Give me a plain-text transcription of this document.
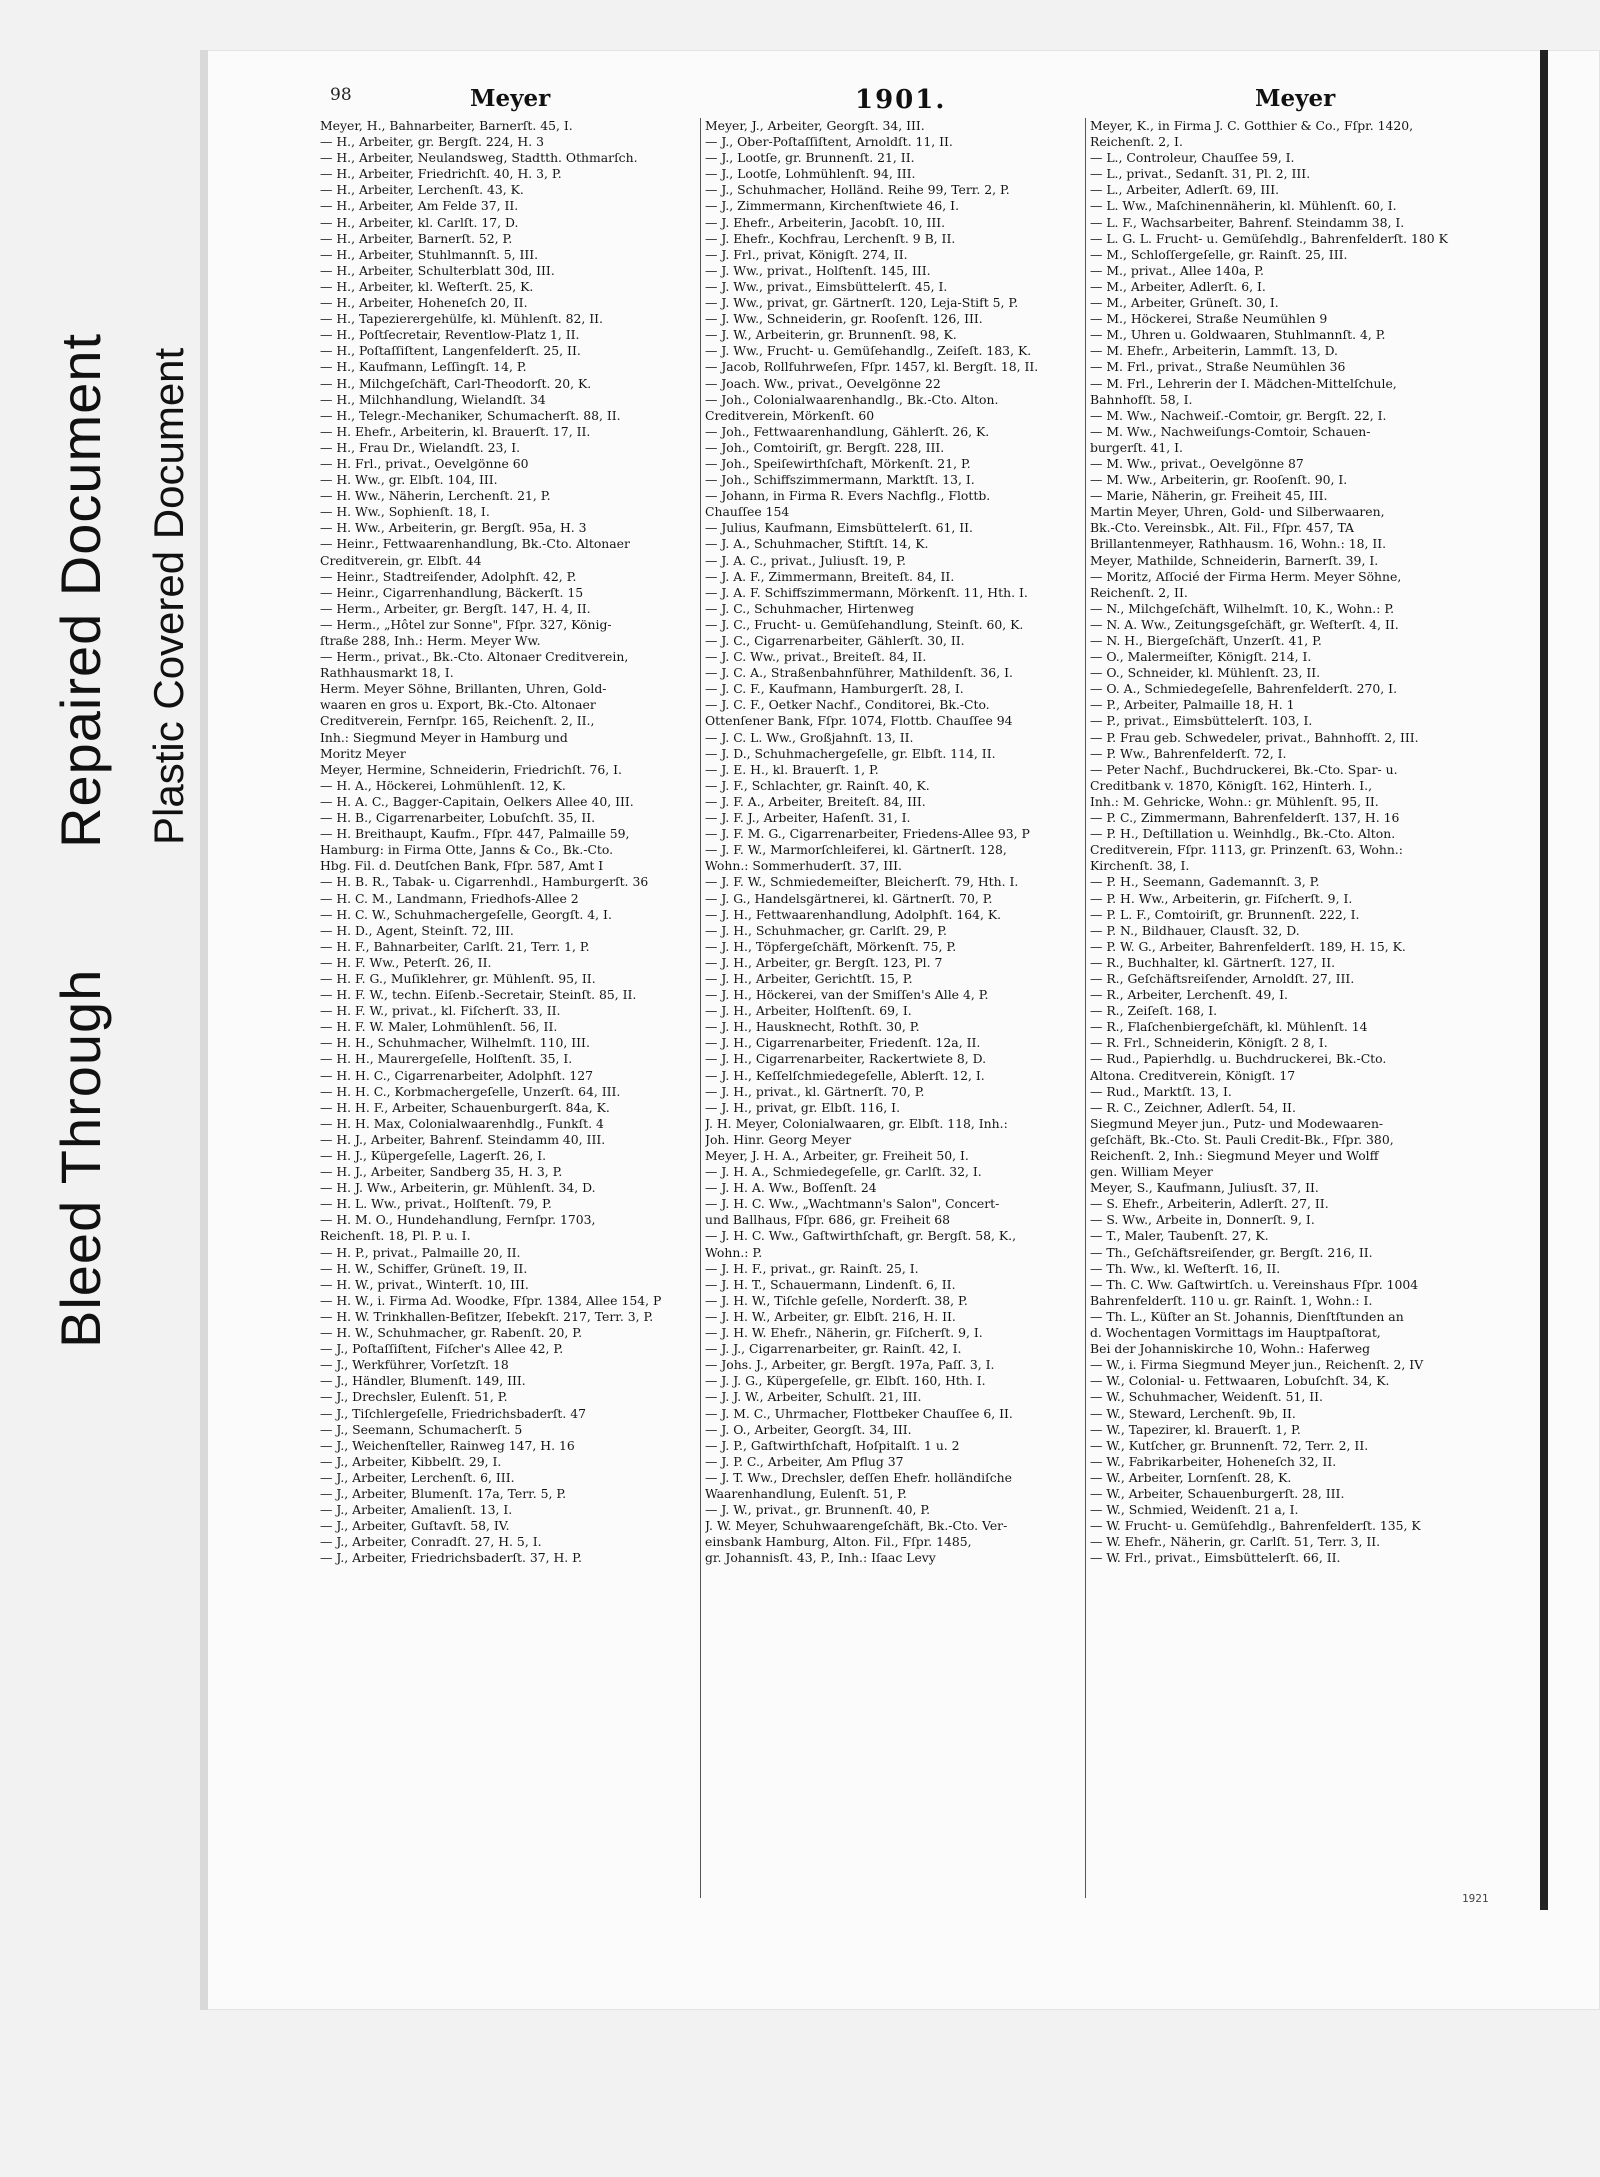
Repaired Document
Bleed Through
Plastic Covered Document
98	Meyer	1901.	Meyer
Meyer, H., Bahnarbeiter, Barnerſt. 45, I.
— H., Arbeiter, gr. Bergſt. 224, H. 3
— H., Arbeiter, Neulandsweg, Stadtth. Othmarſch.
— H., Arbeiter, Friedrichſt. 40, H. 3, P.
— H., Arbeiter, Lerchenſt. 43, K.
— H., Arbeiter, Am Felde 37, II.
— H., Arbeiter, kl. Carlſt. 17, D.
— H., Arbeiter, Barnerſt. 52, P.
— H., Arbeiter, Stuhlmannſt. 5, III.
— H., Arbeiter, Schulterblatt 30d, III.
— H., Arbeiter, kl. Weſterſt. 25, K.
— H., Arbeiter, Hoheneſch 20, II.
— H., Tapezierergehülfe, kl. Mühlenſt. 82, II.
— H., Poſtſecretair, Reventlow-Platz 1, II.
— H., Poſtaſſiſtent, Langenfelderſt. 25, II.
— H., Kaufmann, Leſſingſt. 14, P.
— H., Milchgeſchäft, Carl-Theodorſt. 20, K.
— H., Milchhandlung, Wielandſt. 34
— H., Telegr.-Mechaniker, Schumacherſt. 88, II.
— H. Ehefr., Arbeiterin, kl. Brauerſt. 17, II.
— H., Frau Dr., Wielandſt. 23, I.
— H. Frl., privat., Oevelgönne 60
— H. Ww., gr. Elbſt. 104, III.
— H. Ww., Näherin, Lerchenſt. 21, P.
— H. Ww., Sophienſt. 18, I.
— H. Ww., Arbeiterin, gr. Bergſt. 95a, H. 3
— Heinr., Fettwaarenhandlung, Bk.-Cto. Altonaer
Creditverein, gr. Elbſt. 44
— Heinr., Stadtreiſender, Adolphſt. 42, P.
— Heinr., Cigarrenhandlung, Bäckerſt. 15
— Herm., Arbeiter, gr. Bergſt. 147, H. 4, II.
— Herm., „Hôtel zur Sonne", Fſpr. 327, König-
ſtraße 288, Inh.: Herm. Meyer Ww.
— Herm., privat., Bk.-Cto. Altonaer Creditverein,
Rathhausmarkt 18, I.
Herm. Meyer Söhne, Brillanten, Uhren, Gold-
waaren en gros u. Export, Bk.-Cto. Altonaer
Creditverein, Fernſpr. 165, Reichenſt. 2, II.,
Inh.: Siegmund Meyer in Hamburg und
Moritz Meyer
Meyer, Hermine, Schneiderin, Friedrichſt. 76, I.
— H. A., Höckerei, Lohmühlenſt. 12, K.
— H. A. C., Bagger-Capitain, Oelkers Allee 40, III.
— H. B., Cigarrenarbeiter, Lobuſchſt. 35, II.
— H. Breithaupt, Kaufm., Fſpr. 447, Palmaille 59,
Hamburg: in Firma Otte, Janns & Co., Bk.-Cto.
Hbg. Fil. d. Deutſchen Bank, Fſpr. 587, Amt I
— H. B. R., Tabak- u. Cigarrenhdl., Hamburgerſt. 36
— H. C. M., Landmann, Friedhofs-Allee 2
— H. C. W., Schuhmachergeſelle, Georgſt. 4, I.
— H. D., Agent, Steinſt. 72, III.
— H. F., Bahnarbeiter, Carlſt. 21, Terr. 1, P.
— H. F. Ww., Peterſt. 26, II.
— H. F. G., Muſiklehrer, gr. Mühlenſt. 95, II.
— H. F. W., techn. Eiſenb.-Secretair, Steinſt. 85, II.
— H. F. W., privat., kl. Fiſcherſt. 33, II.
— H. F. W. Maler, Lohmühlenſt. 56, II.
— H. H., Schuhmacher, Wilhelmſt. 110, III.
— H. H., Maurergeſelle, Holſtenſt. 35, I.
— H. H. C., Cigarrenarbeiter, Adolphſt. 127
— H. H. C., Korbmachergeſelle, Unzerſt. 64, III.
— H. H. F., Arbeiter, Schauenburgerſt. 84a, K.
— H. H. Max, Colonialwaarenhdlg., Funkſt. 4
— H. J., Arbeiter, Bahrenf. Steindamm 40, III.
— H. J., Küpergeſelle, Lagerſt. 26, I.
— H. J., Arbeiter, Sandberg 35, H. 3, P.
— H. J. Ww., Arbeiterin, gr. Mühlenſt. 34, D.
— H. L. Ww., privat., Holſtenſt. 79, P.
— H. M. O., Hundehandlung, Fernſpr. 1703,
Reichenſt. 18, Pl. P. u. I.
— H. P., privat., Palmaille 20, II.
— H. W., Schiffer, Grüneſt. 19, II.
— H. W., privat., Winterſt. 10, III.
— H. W., i. Firma Ad. Woodke, Fſpr. 1384, Allee 154, P
— H. W. Trinkhallen-Beſitzer, Iſebekſt. 217, Terr. 3, P.
— H. W., Schuhmacher, gr. Rabenſt. 20, P.
— J., Poſtaſſiſtent, Fiſcher's Allee 42, P.
— J., Werkführer, Vorſetzſt. 18
— J., Händler, Blumenſt. 149, III.
— J., Drechsler, Eulenſt. 51, P.
— J., Tiſchlergeſelle, Friedrichsbaderſt. 47
— J., Seemann, Schumacherſt. 5
— J., Weichenſteller, Rainweg 147, H. 16
— J., Arbeiter, Kibbelſt. 29, I.
— J., Arbeiter, Lerchenſt. 6, III.
— J., Arbeiter, Blumenſt. 17a, Terr. 5, P.
— J., Arbeiter, Amalienſt. 13, I.
— J., Arbeiter, Guſtavſt. 58, IV.
— J., Arbeiter, Conradſt. 27, H. 5, I.
— J., Arbeiter, Friedrichsbaderſt. 37, H. P.
Meyer, J., Arbeiter, Georgſt. 34, III.
— J., Ober-Poſtaſſiſtent, Arnoldſt. 11, II.
— J., Lootſe, gr. Brunnenſt. 21, II.
— J., Lootſe, Lohmühlenſt. 94, III.
— J., Schuhmacher, Holländ. Reihe 99, Terr. 2, P.
— J., Zimmermann, Kirchenſtwiete 46, I.
— J. Ehefr., Arbeiterin, Jacobſt. 10, III.
— J. Ehefr., Kochfrau, Lerchenſt. 9 B, II.
— J. Frl., privat, Königſt. 274, II.
— J. Ww., privat., Holſtenſt. 145, III.
— J. Ww., privat., Eimsbüttelerſt. 45, I.
— J. Ww., privat, gr. Gärtnerſt. 120, Leja-Stift 5, P.
— J. Ww., Schneiderin, gr. Rooſenſt. 126, III.
— J. W., Arbeiterin, gr. Brunnenſt. 98, K.
— J. Ww., Frucht- u. Gemüſehandlg., Zeiſeſt. 183, K.
— Jacob, Rollfuhrweſen, Fſpr. 1457, kl. Bergſt. 18, II.
— Joach. Ww., privat., Oevelgönne 22
— Joh., Colonialwaarenhandlg., Bk.-Cto. Alton.
Creditverein, Mörkenſt. 60
— Joh., Fettwaarenhandlung, Gählerſt. 26, K.
— Joh., Comtoiriſt, gr. Bergſt. 228, III.
— Joh., Speiſewirthſchaft, Mörkenſt. 21, P.
— Joh., Schiffszimmermann, Marktſt. 13, I.
— Johann, in Firma R. Evers Nachflg., Flottb.
Chauſſee 154
— Julius, Kaufmann, Eimsbüttelerſt. 61, II.
— J. A., Schuhmacher, Stiftſt. 14, K.
— J. A. C., privat., Juliusſt. 19, P.
— J. A. F., Zimmermann, Breiteſt. 84, II.
— J. A. F. Schiffszimmermann, Mörkenſt. 11, Hth. I.
— J. C., Schuhmacher, Hirtenweg
— J. C., Frucht- u. Gemüſehandlung, Steinſt. 60, K.
— J. C., Cigarrenarbeiter, Gählerſt. 30, II.
— J. C. Ww., privat., Breiteſt. 84, II.
— J. C. A., Straßenbahnführer, Mathildenſt. 36, I.
— J. C. F., Kaufmann, Hamburgerſt. 28, I.
— J. C. F., Oetker Nachf., Conditorei, Bk.-Cto.
Ottenſener Bank, Fſpr. 1074, Flottb. Chauſſee 94
— J. C. L. Ww., Großjahnſt. 13, II.
— J. D., Schuhmachergeſelle, gr. Elbſt. 114, II.
— J. E. H., kl. Brauerſt. 1, P.
— J. F., Schlachter, gr. Rainſt. 40, K.
— J. F. A., Arbeiter, Breiteſt. 84, III.
— J. F. J., Arbeiter, Haſenſt. 31, I.
— J. F. M. G., Cigarrenarbeiter, Friedens-Allee 93, P
— J. F. W., Marmorſchleiferei, kl. Gärtnerſt. 128,
Wohn.: Sommerhuderſt. 37, III.
— J. F. W., Schmiedemeiſter, Bleicherſt. 79, Hth. I.
— J. G., Handelsgärtnerei, kl. Gärtnerſt. 70, P.
— J. H., Fettwaarenhandlung, Adolphſt. 164, K.
— J. H., Schuhmacher, gr. Carlſt. 29, P.
— J. H., Töpfergeſchäft, Mörkenſt. 75, P.
— J. H., Arbeiter, gr. Bergſt. 123, Pl. 7
— J. H., Arbeiter, Gerichtſt. 15, P.
— J. H., Höckerei, van der Smiſſen's Alle 4, P.
— J. H., Arbeiter, Holſtenſt. 69, I.
— J. H., Hausknecht, Rothſt. 30, P.
— J. H., Cigarrenarbeiter, Friedenſt. 12a, II.
— J. H., Cigarrenarbeiter, Rackertwiete 8, D.
— J. H., Keſſelſchmiedegeſelle, Ablerſt. 12, I.
— J. H., privat., kl. Gärtnerſt. 70, P.
— J. H., privat, gr. Elbſt. 116, I.
J. H. Meyer, Colonialwaaren, gr. Elbſt. 118, Inh.:
Joh. Hinr. Georg Meyer
Meyer, J. H. A., Arbeiter, gr. Freiheit 50, I.
— J. H. A., Schmiedegeſelle, gr. Carlſt. 32, I.
— J. H. A. Ww., Boſſenſt. 24
— J. H. C. Ww., „Wachtmann's Salon", Concert-
und Ballhaus, Fſpr. 686, gr. Freiheit 68
— J. H. C. Ww., Gaſtwirthſchaft, gr. Bergſt. 58, K.,
Wohn.: P.
— J. H. F., privat., gr. Rainſt. 25, I.
— J. H. T., Schauermann, Lindenſt. 6, II.
— J. H. W., Tiſchle geſelle, Norderſt. 38, P.
— J. H. W., Arbeiter, gr. Elbſt. 216, H. II.
— J. H. W. Ehefr., Näherin, gr. Fiſcherſt. 9, I.
— J. J., Cigarrenarbeiter, gr. Rainſt. 42, I.
— Johs. J., Arbeiter, gr. Bergſt. 197a, Paſſ. 3, I.
— J. J. G., Küpergeſelle, gr. Elbſt. 160, Hth. I.
— J. J. W., Arbeiter, Schulſt. 21, III.
— J. M. C., Uhrmacher, Flottbeker Chauſſee 6, II.
— J. O., Arbeiter, Georgſt. 34, III.
— J. P., Gaſtwirthſchaft, Hoſpitalſt. 1 u. 2
— J. P. C., Arbeiter, Am Pflug 37
— J. T. Ww., Drechsler, deſſen Ehefr. holländiſche
Waarenhandlung, Eulenſt. 51, P.
— J. W., privat., gr. Brunnenſt. 40, P.
J. W. Meyer, Schuhwaarengeſchäft, Bk.-Cto. Ver-
einsbank Hamburg, Alton. Fil., Fſpr. 1485,
gr. Johannisſt. 43, P., Inh.: Iſaac Levy
Meyer, K., in Firma J. C. Gotthier & Co., Fſpr. 1420,
Reichenſt. 2, I.
— L., Controleur, Chauſſee 59, I.
— L., privat., Sedanſt. 31, Pl. 2, III.
— L., Arbeiter, Adlerſt. 69, III.
— L. Ww., Maſchinennäherin, kl. Mühlenſt. 60, I.
— L. F., Wachsarbeiter, Bahrenf. Steindamm 38, I.
— L. G. L. Frucht- u. Gemüſehdlg., Bahrenfelderſt. 180 K
— M., Schloſſergeſelle, gr. Rainſt. 25, III.
— M., privat., Allee 140a, P.
— M., Arbeiter, Adlerſt. 6, I.
— M., Arbeiter, Grüneſt. 30, I.
— M., Höckerei, Straße Neumühlen 9
— M., Uhren u. Goldwaaren, Stuhlmannſt. 4, P.
— M. Ehefr., Arbeiterin, Lammſt. 13, D.
— M. Frl., privat., Straße Neumühlen 36
— M. Frl., Lehrerin der I. Mädchen-Mittelſchule,
Bahnhofſt. 58, I.
— M. Ww., Nachweiſ.-Comtoir, gr. Bergſt. 22, I.
— M. Ww., Nachweiſungs-Comtoir, Schauen-
burgerſt. 41, I.
— M. Ww., privat., Oevelgönne 87
— M. Ww., Arbeiterin, gr. Rooſenſt. 90, I.
— Marie, Näherin, gr. Freiheit 45, III.
Martin Meyer, Uhren, Gold- und Silberwaaren,
Bk.-Cto. Vereinsbk., Alt. Fil., Fſpr. 457, TA
Brillantenmeyer, Rathhausm. 16, Wohn.: 18, II.
Meyer, Mathilde, Schneiderin, Barnerſt. 39, I.
— Moritz, Aſſocié der Firma Herm. Meyer Söhne,
Reichenſt. 2, II.
— N., Milchgeſchäft, Wilhelmſt. 10, K., Wohn.: P.
— N. A. Ww., Zeitungsgeſchäft, gr. Weſterſt. 4, II.
— N. H., Biergeſchäft, Unzerſt. 41, P.
— O., Malermeiſter, Königſt. 214, I.
— O., Schneider, kl. Mühlenſt. 23, II.
— O. A., Schmiedegeſelle, Bahrenfelderſt. 270, I.
— P., Arbeiter, Palmaille 18, H. 1
— P., privat., Eimsbüttelerſt. 103, I.
— P. Frau geb. Schwedeler, privat., Bahnhofſt. 2, III.
— P. Ww., Bahrenfelderſt. 72, I.
— Peter Nachf., Buchdruckerei, Bk.-Cto. Spar- u.
Creditbank v. 1870, Königſt. 162, Hinterh. I.,
Inh.: M. Gehricke, Wohn.: gr. Mühlenſt. 95, II.
— P. C., Zimmermann, Bahrenfelderſt. 137, H. 16
— P. H., Deſtillation u. Weinhdlg., Bk.-Cto. Alton.
Creditverein, Fſpr. 1113, gr. Prinzenſt. 63, Wohn.:
Kirchenſt. 38, I.
— P. H., Seemann, Gademannſt. 3, P.
— P. H. Ww., Arbeiterin, gr. Fiſcherſt. 9, I.
— P. L. F., Comtoiriſt, gr. Brunnenſt. 222, I.
— P. N., Bildhauer, Clausſt. 32, D.
— P. W. G., Arbeiter, Bahrenfelderſt. 189, H. 15, K.
— R., Buchhalter, kl. Gärtnerſt. 127, II.
— R., Geſchäftsreiſender, Arnoldſt. 27, III.
— R., Arbeiter, Lerchenſt. 49, I.
— R., Zeiſeſt. 168, I.
— R., Flaſchenbiergeſchäft, kl. Mühlenſt. 14
— R. Frl., Schneiderin, Königſt. 2 8, I.
— Rud., Papierhdlg. u. Buchdruckerei, Bk.-Cto.
Altona. Creditverein, Königſt. 17
— Rud., Marktſt. 13, I.
— R. C., Zeichner, Adlerſt. 54, II.
Siegmund Meyer jun., Putz- und Modewaaren-
geſchäft, Bk.-Cto. St. Pauli Credit-Bk., Fſpr. 380,
Reichenſt. 2, Inh.: Siegmund Meyer und Wolff
gen. William Meyer
Meyer, S., Kaufmann, Juliusſt. 37, II.
— S. Ehefr., Arbeiterin, Adlerſt. 27, II.
— S. Ww., Arbeite in, Donnerſt. 9, I.
— T., Maler, Taubenſt. 27, K.
— Th., Geſchäftsreiſender, gr. Bergſt. 216, II.
— Th. Ww., kl. Weſterſt. 16, II.
— Th. C. Ww. Gaſtwirtſch. u. Vereinshaus Fſpr. 1004
Bahrenfelderſt. 110 u. gr. Rainſt. 1, Wohn.: I.
— Th. L., Küſter an St. Johannis, Dienſtſtunden an
d. Wochentagen Vormittags im Hauptpaſtorat,
Bei der Johanniskirche 10, Wohn.: Haferweg
— W., i. Firma Siegmund Meyer jun., Reichenſt. 2, IV
— W., Colonial- u. Fettwaaren, Lobuſchſt. 34, K.
— W., Schuhmacher, Weidenſt. 51, II.
— W., Steward, Lerchenſt. 9b, II.
— W., Tapezirer, kl. Brauerſt. 1, P.
— W., Kutſcher, gr. Brunnenſt. 72, Terr. 2, II.
— W., Fabrikarbeiter, Hoheneſch 32, II.
— W., Arbeiter, Lornſenſt. 28, K.
— W., Arbeiter, Schauenburgerſt. 28, III.
— W., Schmied, Weidenſt. 21 a, I.
— W. Frucht- u. Gemüſehdlg., Bahrenfelderſt. 135, K
— W. Ehefr., Näherin, gr. Carlſt. 51, Terr. 3, II.
— W. Frl., privat., Eimsbüttelerſt. 66, II.
1921
